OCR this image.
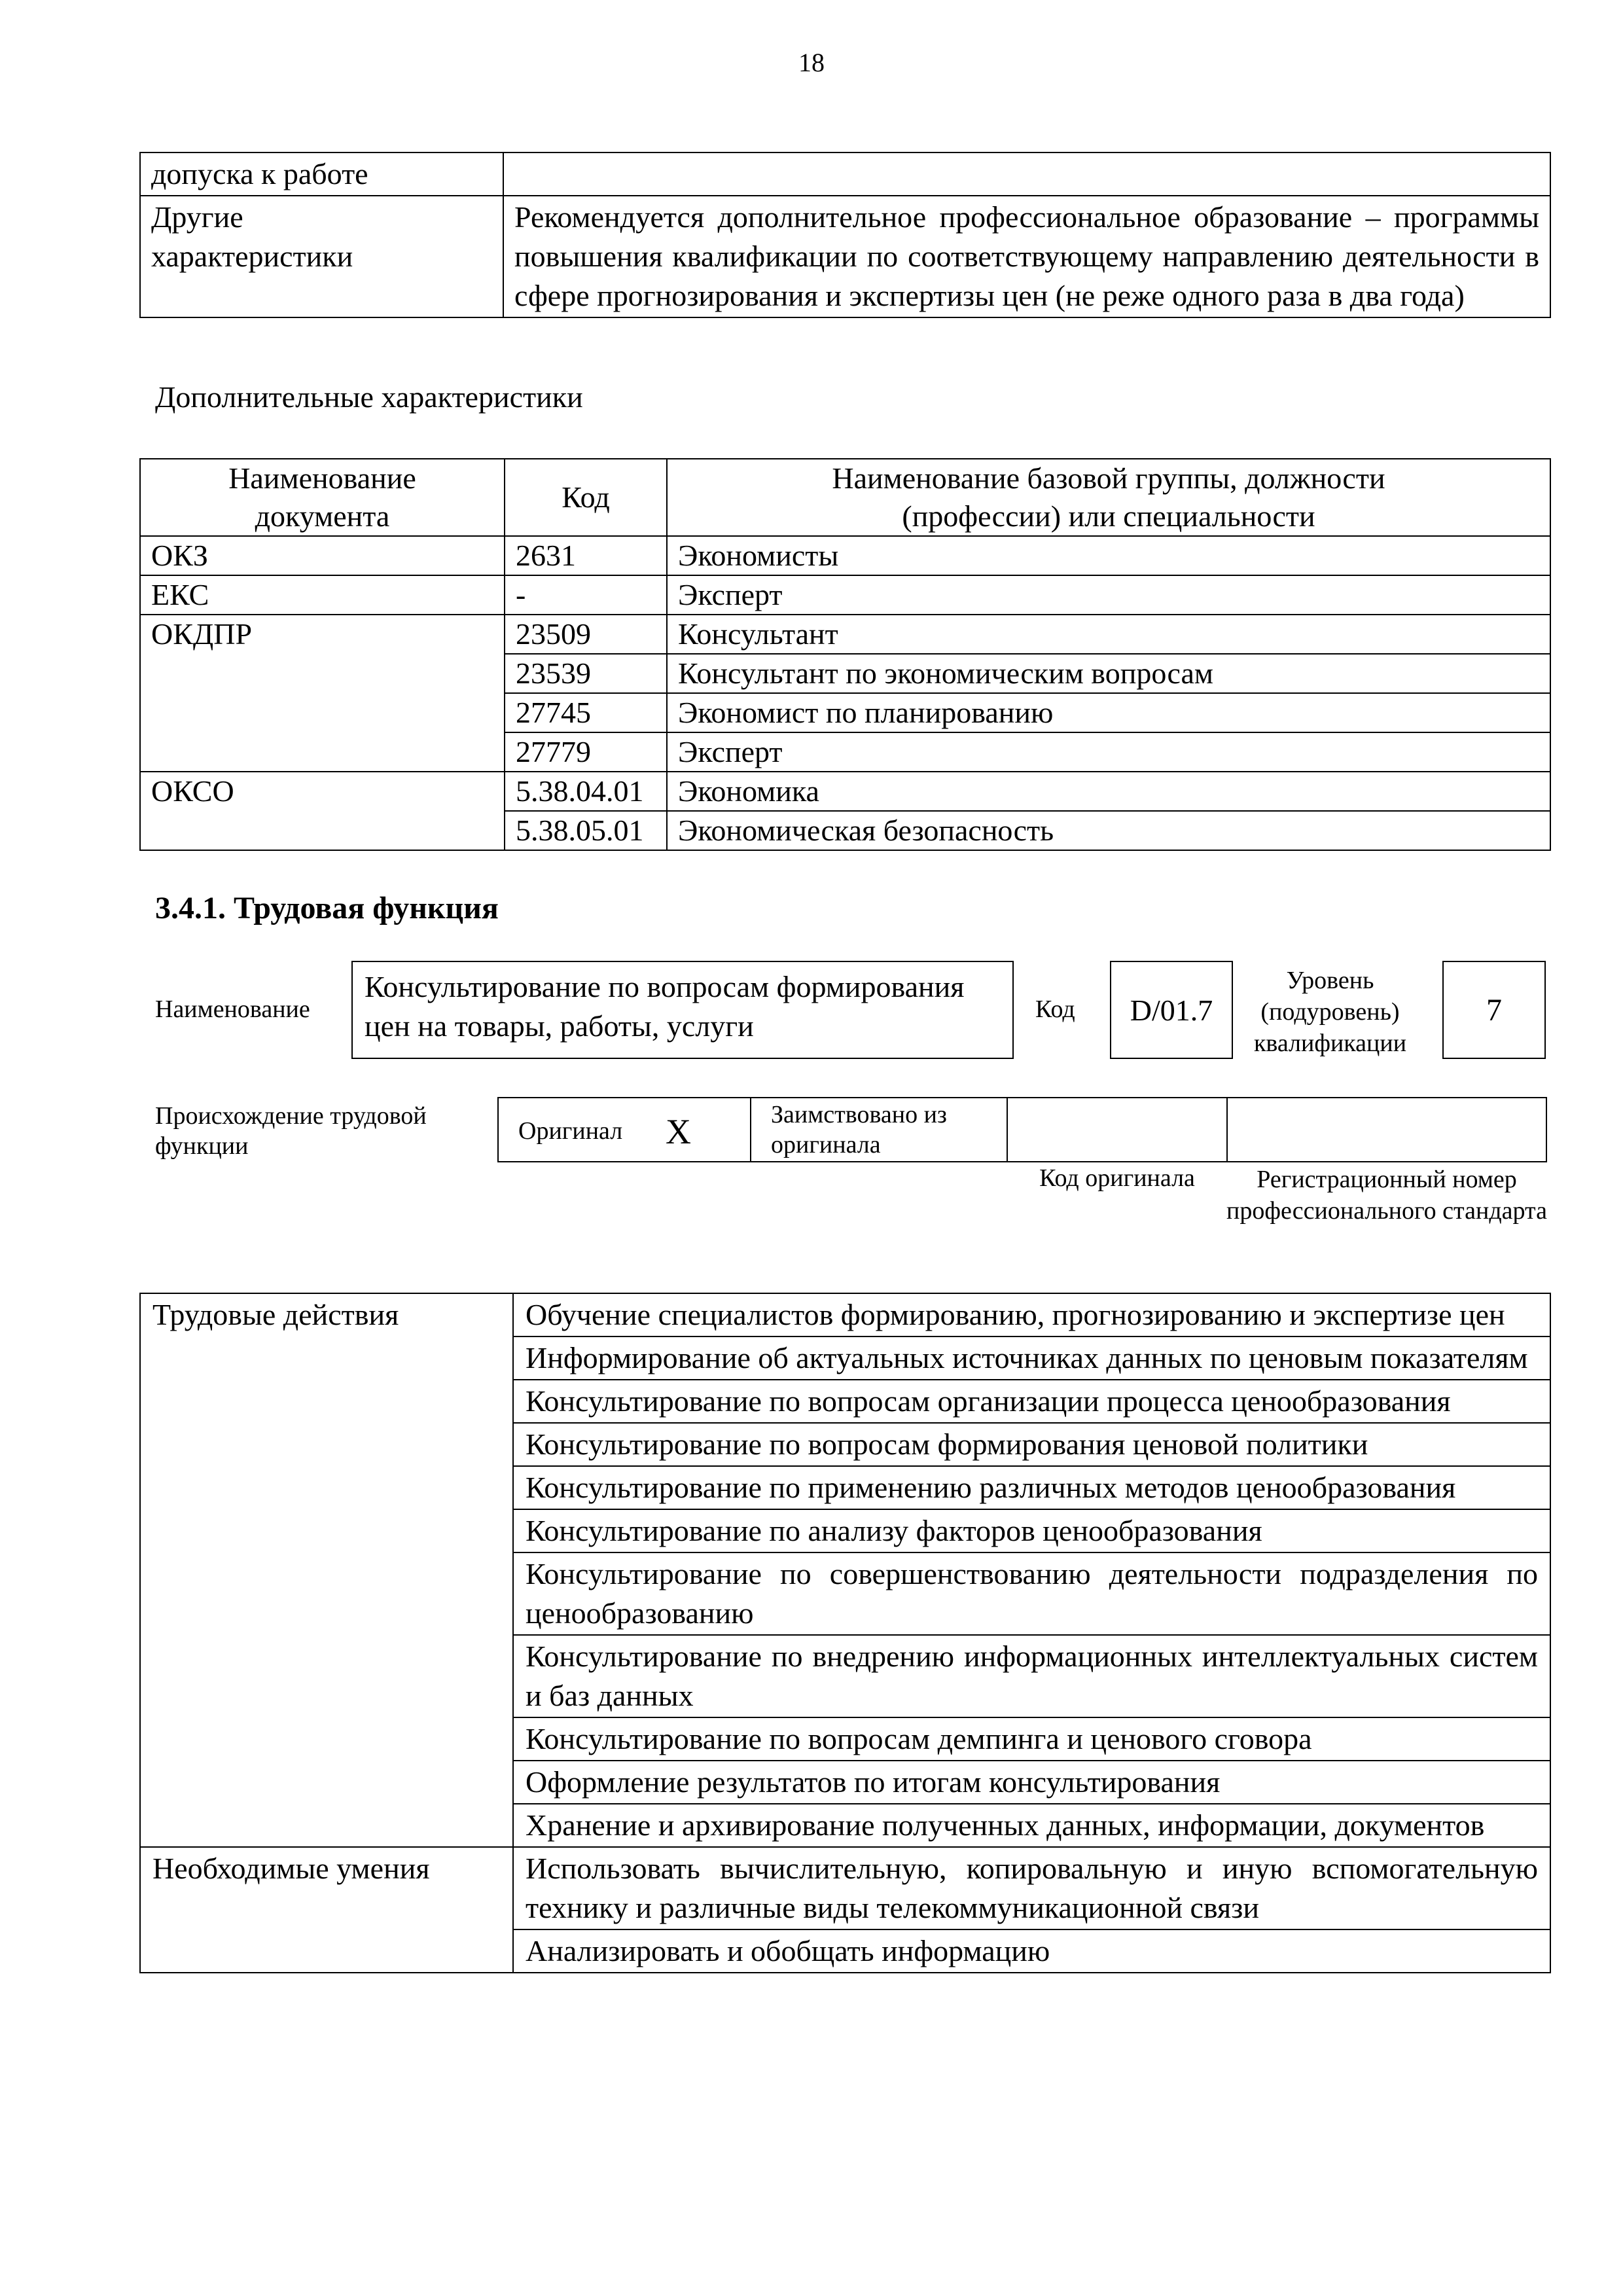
18
допуска к работе	

Другие характеристики	Рекомендуется дополнительное профессиональное образование – программы повышения квалификации по соответствующему направлению деятельности в сфере прогнозирования и экспертизы цен (не реже одного раза в два года)
Дополнительные характеристики
Наименование документа	Код	Наименование базовой группы, должности (профессии) или специальности
ОКЗ	2631	Экономисты
ЕКС	-	Эксперт
ОКДПР	23509	Консультант
	23539	Консультант по экономическим вопросам
	27745	Экономист по планированию
	27779	Эксперт
ОКСО	5.38.04.01	Экономика
	5.38.05.01	Экономическая безопасность
3.4.1. Трудовая функция
Наименование
Консультирование по вопросам формирования цен на товары, работы, услуги	Код	D/01.7
Уровень (подуровень) квалификации
7
Происхождение трудовой функции
Оригинал X	Заимствовано из оригинала
Код оригинала	Регистрационный номер профессионального стандарта
Трудовые действия	Обучение специалистов формированию, прогнозированию и экспертизе цен
	Информирование об актуальных источниках данных по ценовым показателям
	Консультирование по вопросам организации процесса ценообразования
	Консультирование по вопросам формирования ценовой политики
	Консультирование по применению различных методов ценообразования
	Консультирование по анализу факторов ценообразования
	Консультирование по совершенствованию деятельности подразделения по ценообразованию
	Консультирование по внедрению информационных интеллектуальных систем и баз данных
	Консультирование по вопросам демпинга и ценового сговора
	Оформление результатов по итогам консультирования
	Хранение и архивирование полученных данных, информации, документов
Необходимые умения	Использовать вычислительную, копировальную и иную вспомогательную технику и различные виды телекоммуникационной связи
	Анализировать и обобщать информацию
